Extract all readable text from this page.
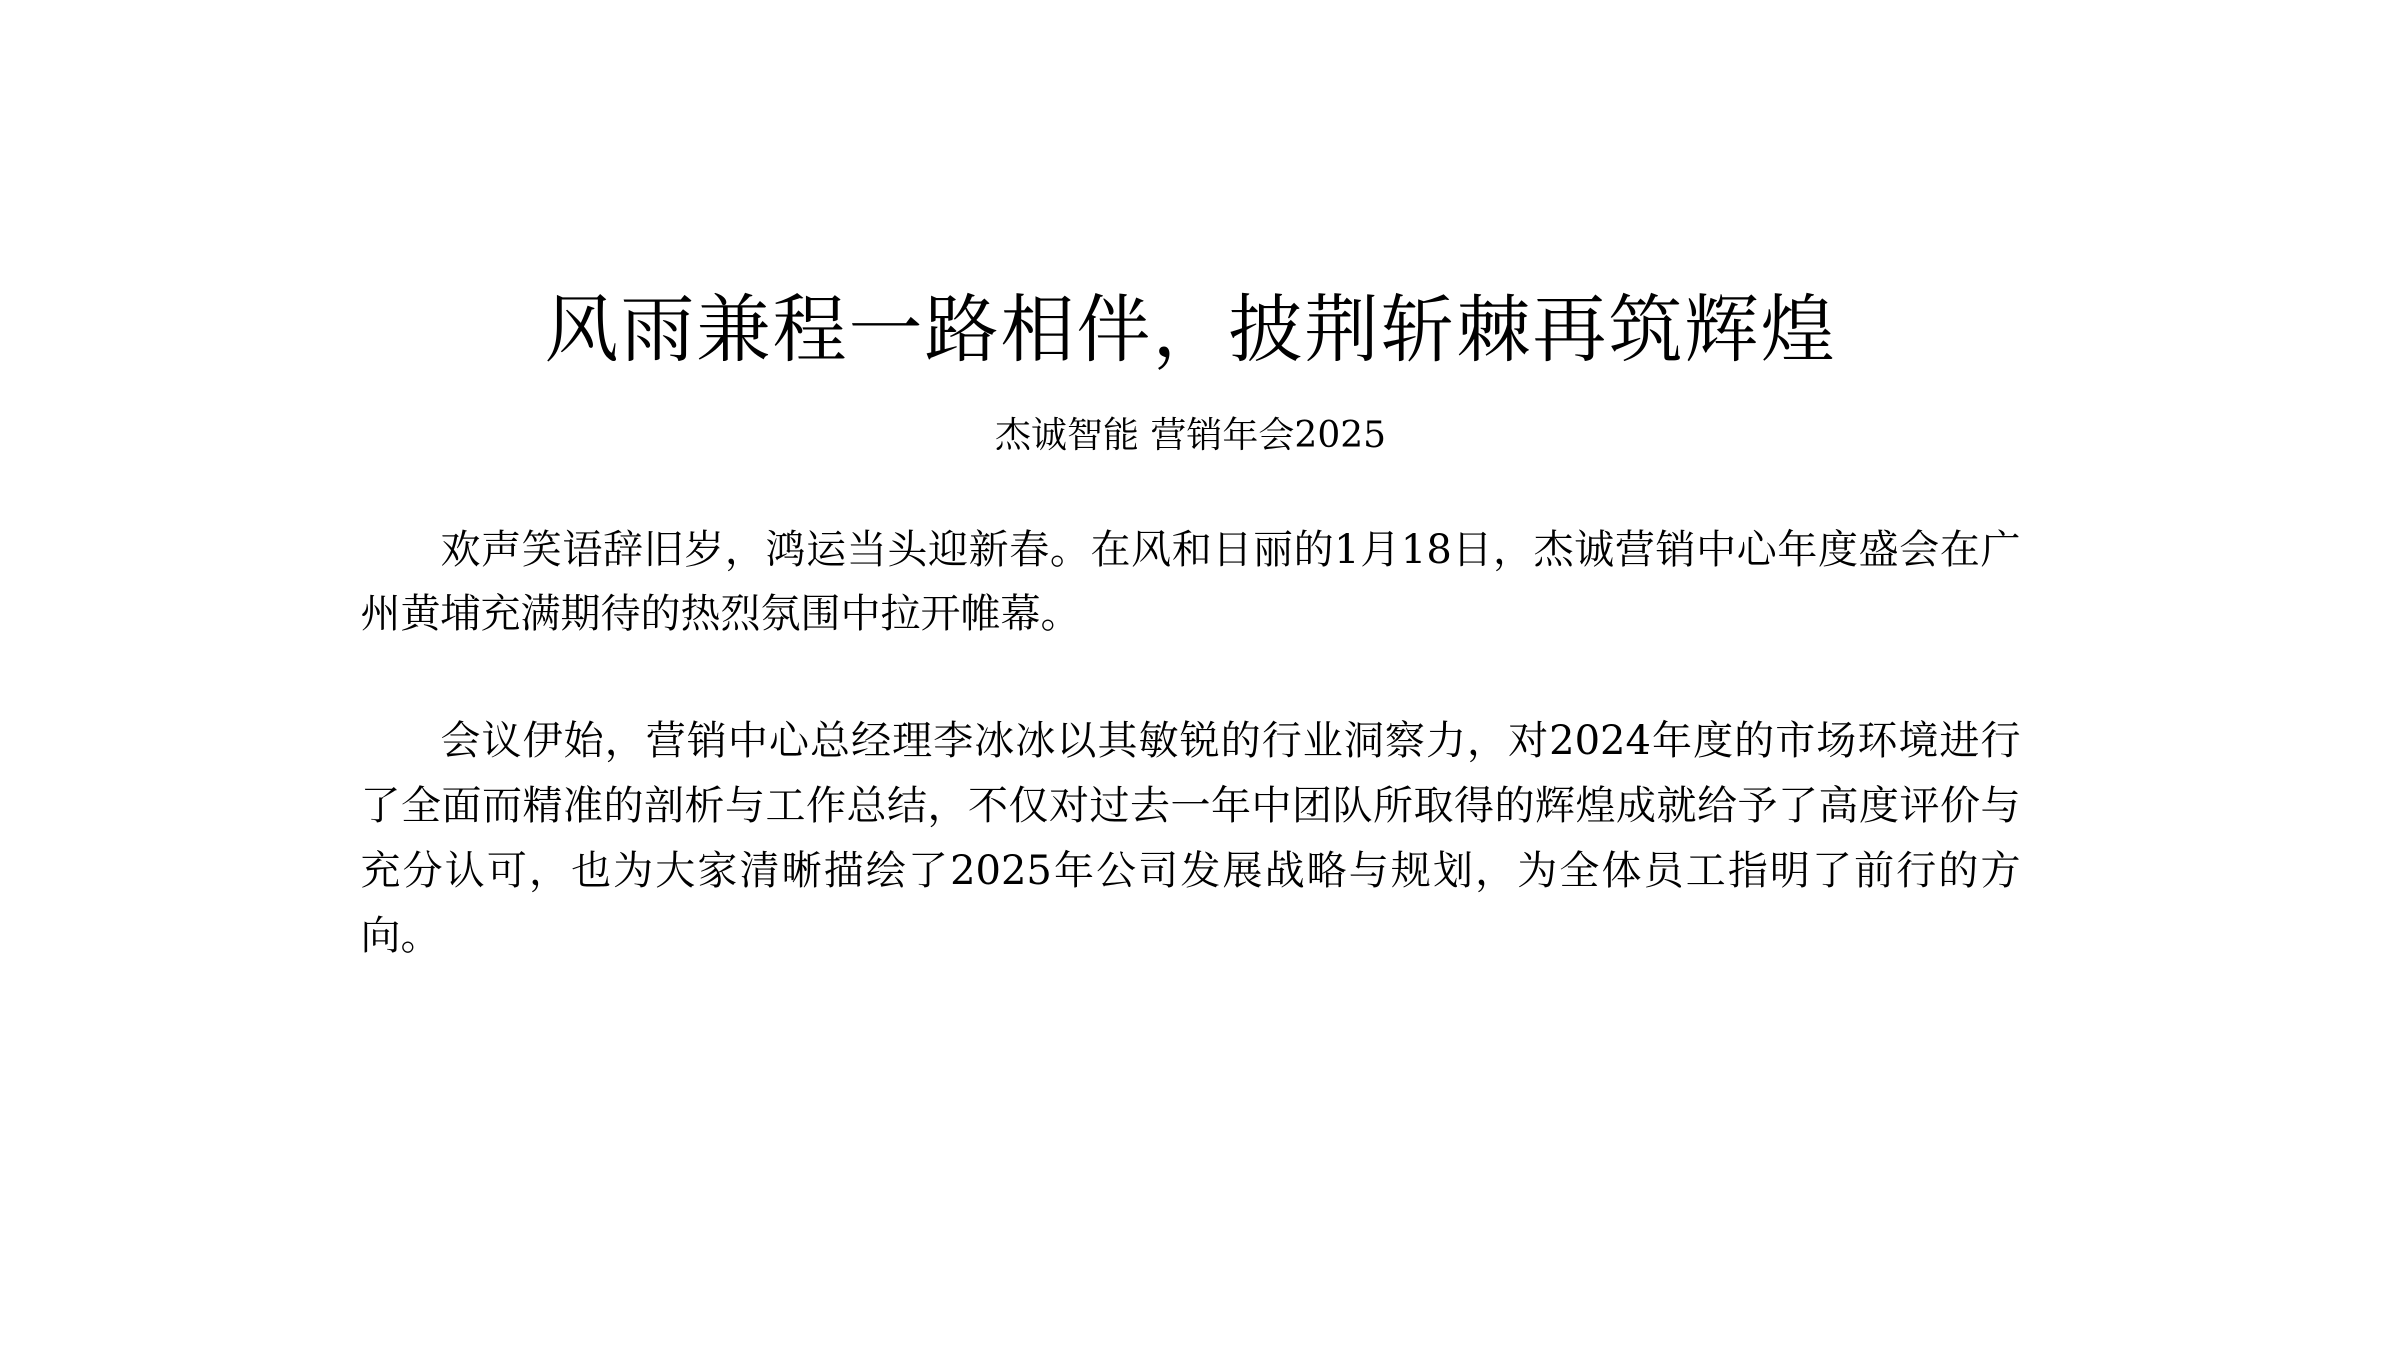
风雨兼程一路相伴，披荆斩棘再筑辉煌
杰诚智能 营销年会2025

欢声笑语辞旧岁，鸿运当头迎新春。在风和日丽的1月18日，杰诚营销中心年度盛会在广州黄埔充满期待的热烈氛围中拉开帷幕。

会议伊始，营销中心总经理李冰冰以其敏锐的行业洞察力，对2024年度的市场环境进行了全面而精准的剖析与工作总结，不仅对过去一年中团队所取得的辉煌成就给予了高度评价与充分认可，也为大家清晰描绘了2025年公司发展战略与规划，为全体员工指明了前行的方向。
